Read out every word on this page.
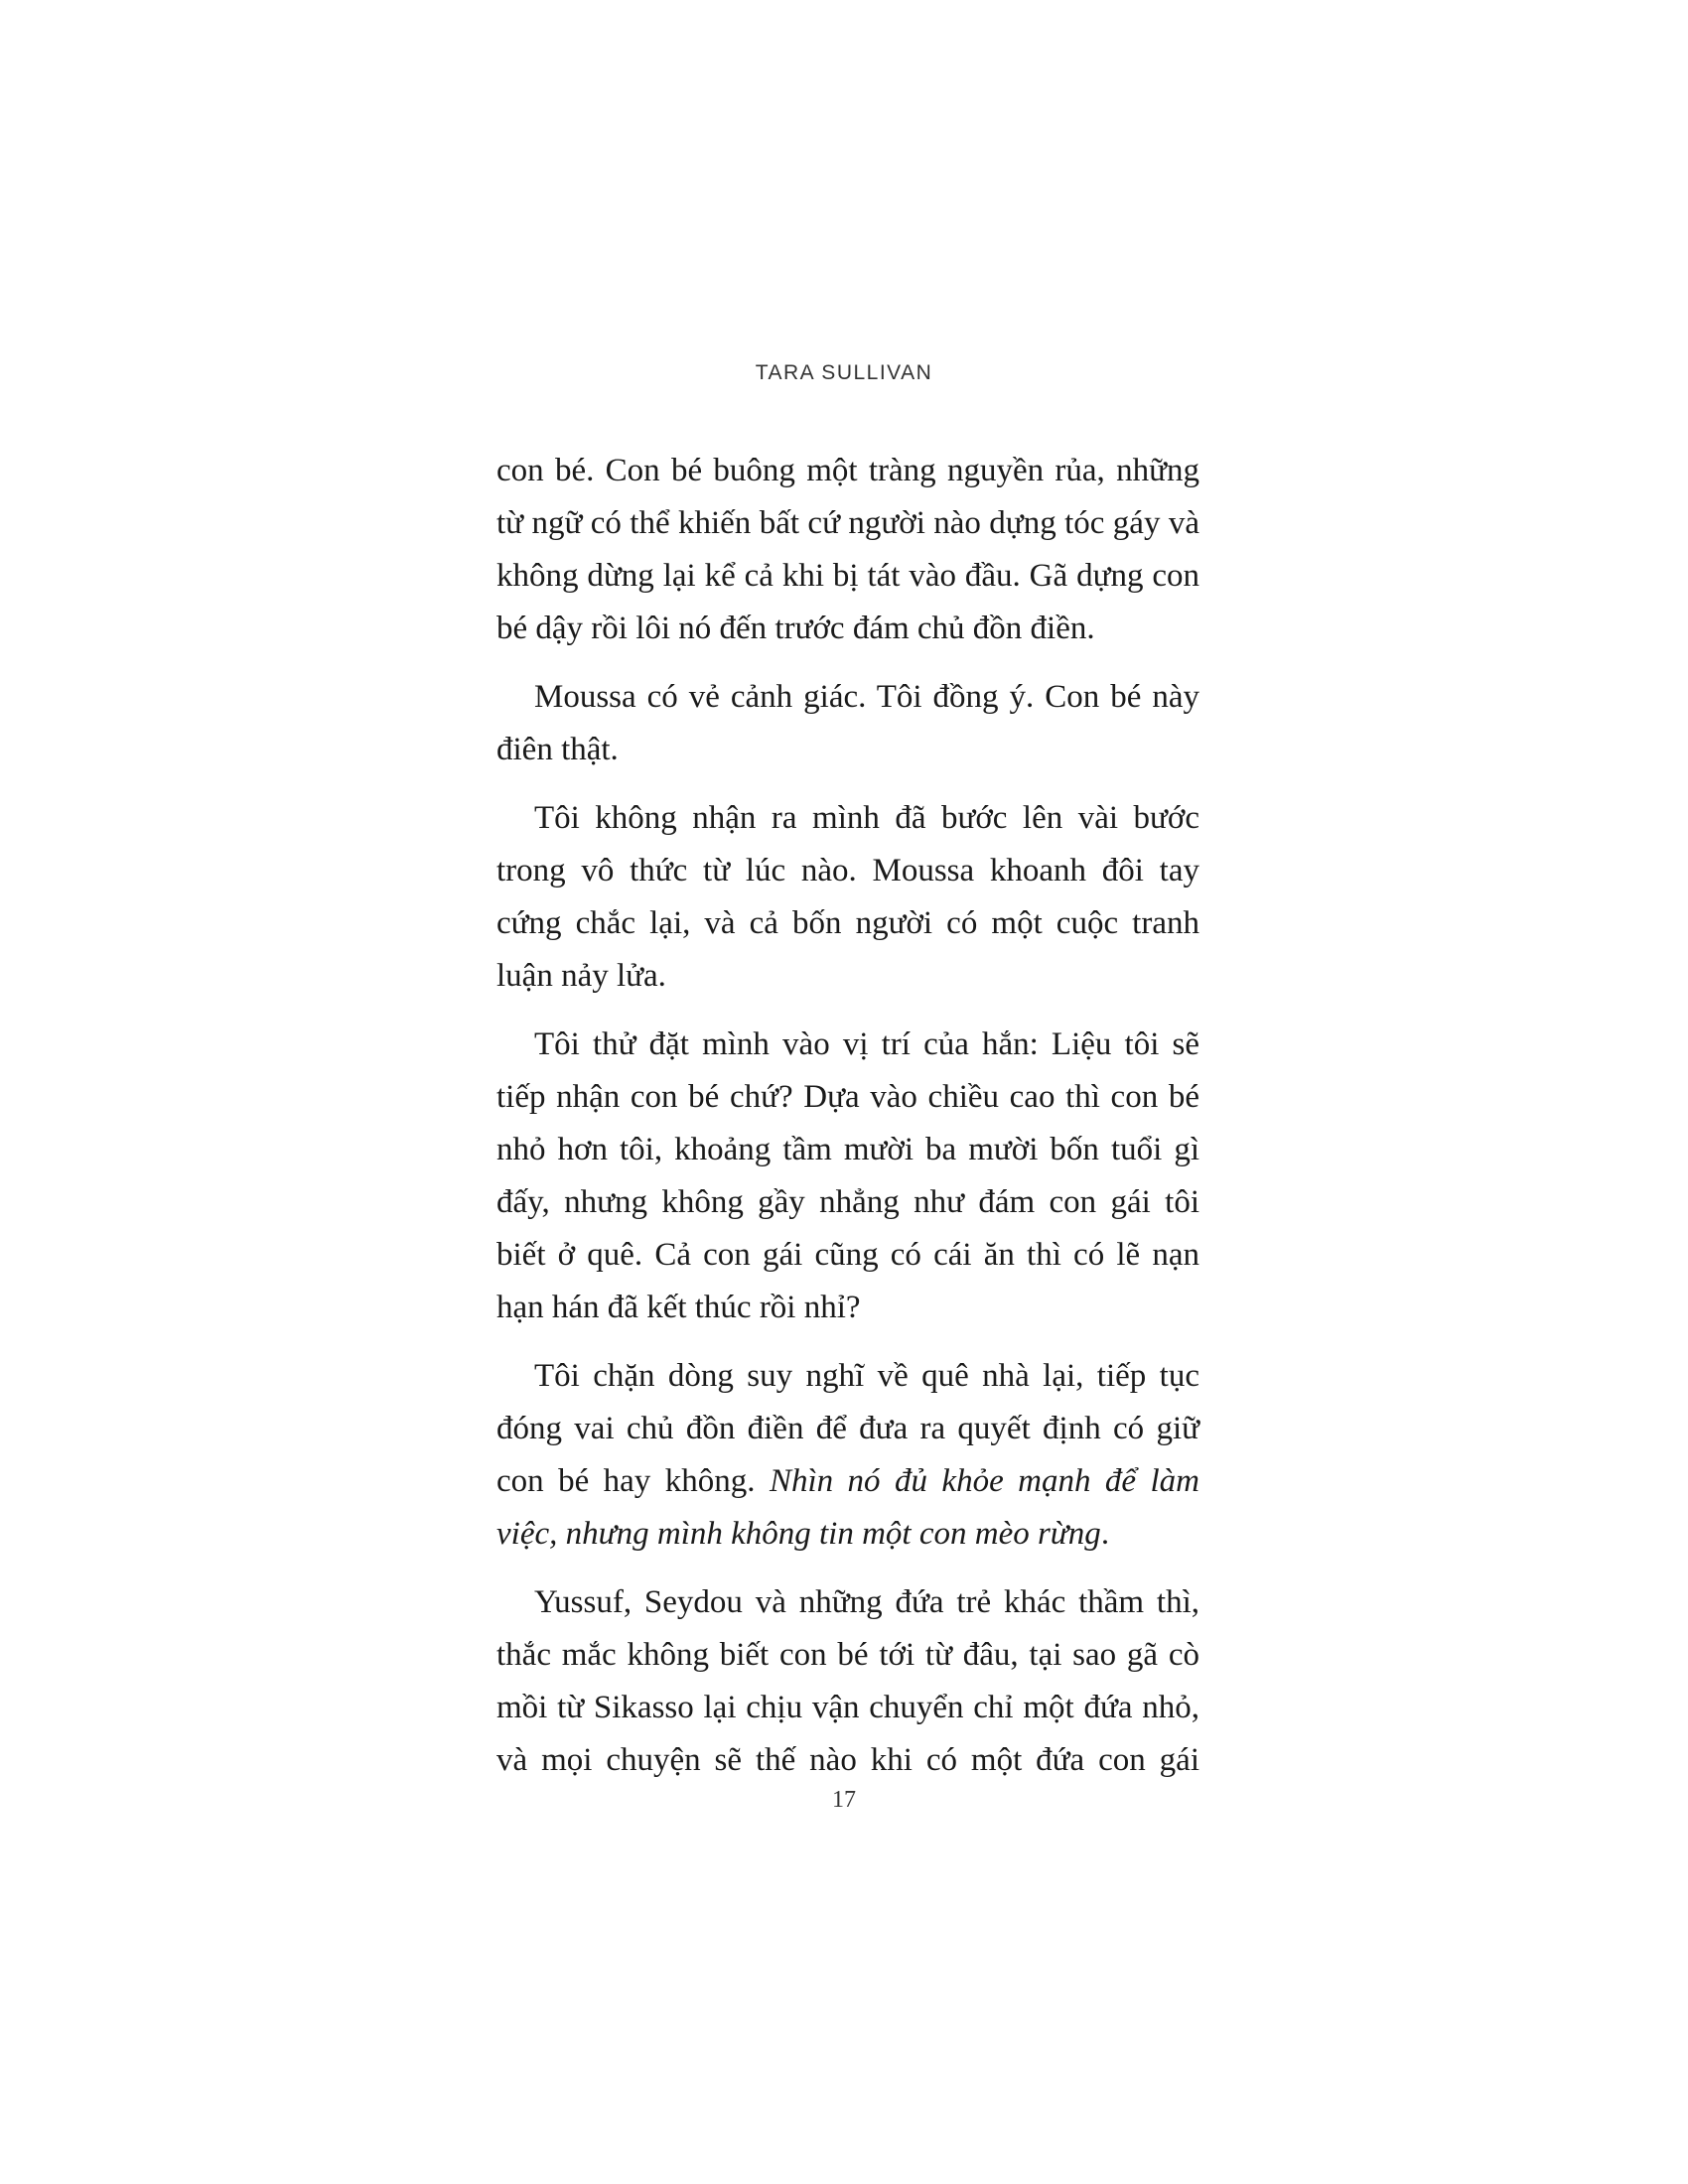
TARA SULLIVAN

con bé. Con bé buông một tràng nguyền rủa, những từ ngữ có thể khiến bất cứ người nào dựng tóc gáy và không dừng lại kể cả khi bị tát vào đầu. Gã dựng con bé dậy rồi lôi nó đến trước đám chủ đồn điền.

Moussa có vẻ cảnh giác. Tôi đồng ý. Con bé này điên thật.

Tôi không nhận ra mình đã bước lên vài bước trong vô thức từ lúc nào. Moussa khoanh đôi tay cứng chắc lại, và cả bốn người có một cuộc tranh luận nảy lửa.

Tôi thử đặt mình vào vị trí của hắn: Liệu tôi sẽ tiếp nhận con bé chứ? Dựa vào chiều cao thì con bé nhỏ hơn tôi, khoảng tầm mười ba mười bốn tuổi gì đấy, nhưng không gầy nhẳng như đám con gái tôi biết ở quê. Cả con gái cũng có cái ăn thì có lẽ nạn hạn hán đã kết thúc rồi nhỉ?

Tôi chặn dòng suy nghĩ về quê nhà lại, tiếp tục đóng vai chủ đồn điền để đưa ra quyết định có giữ con bé hay không. Nhìn nó đủ khỏe mạnh để làm việc, nhưng mình không tin một con mèo rừng.

Yussuf, Seydou và những đứa trẻ khác thầm thì, thắc mắc không biết con bé tới từ đâu, tại sao gã cò mồi từ Sikasso lại chịu vận chuyển chỉ một đứa nhỏ, và mọi chuyện sẽ thế nào khi có một đứa con gái

17
